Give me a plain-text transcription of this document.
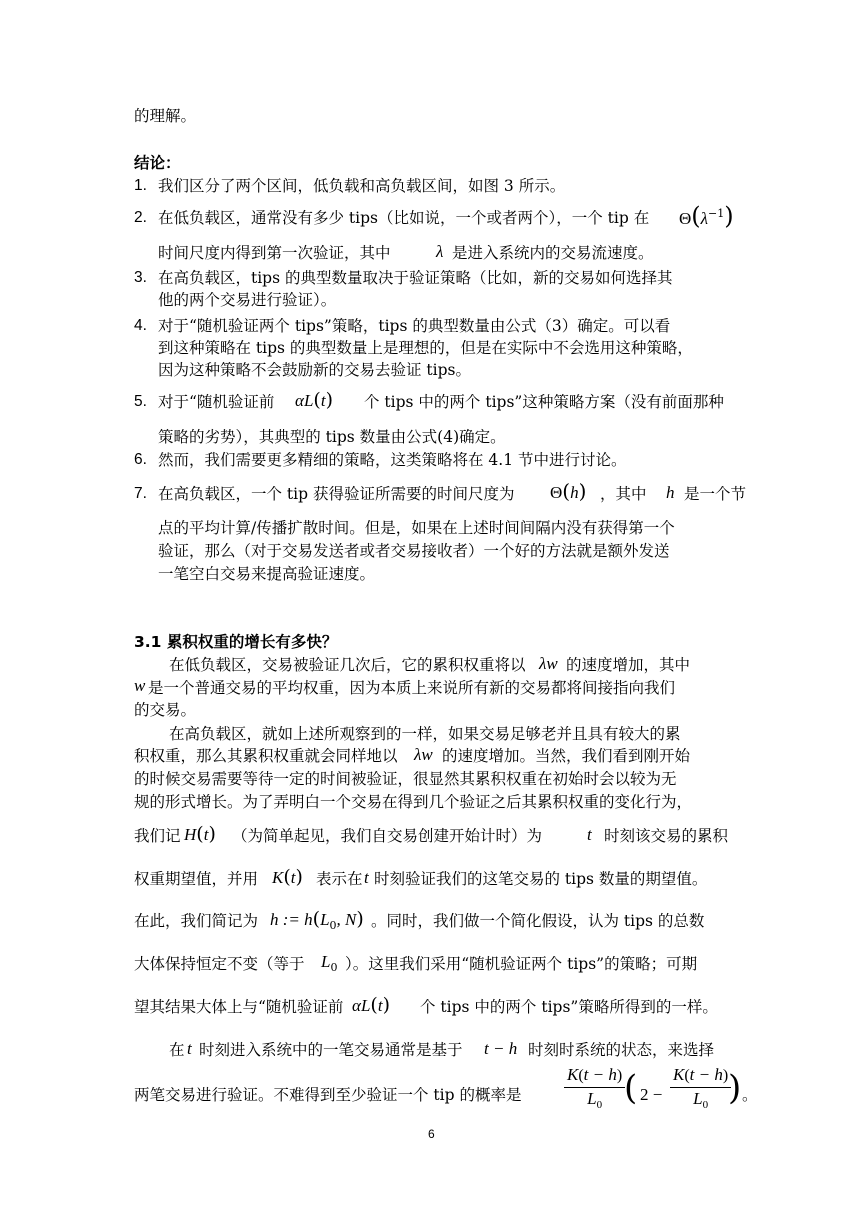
的理解。
结论：
1. 我们区分了两个区间，低负载和高负载区间，如图 3 所示。
2. 在低负载区，通常没有多少 tips（比如说，一个或者两个），一个 tip 在 $\Theta(\lambda^{-1})$
时间尺度内得到第一次验证，其中	λ 是进入系统内的交易流速度。
3. 在高负载区，tips 的典型数量取决于验证策略（比如，新的交易如何选择其
他的两个交易进行验证）。
4. 对于“随机验证两个 tips”策略，tips 的典型数量由公式（3）确定。可以看
到这种策略在 tips 的典型数量上是理想的，但是在实际中不会选用这种策略，
因为这种策略不会鼓励新的交易去验证 tips。
5. 对于“随机验证前 αL(t) 个 tips 中的两个 tips”这种策略方案（没有前面那种
策略的劣势），其典型的 tips 数量由公式(4)确定。
6. 然而，我们需要更多精细的策略，这类策略将在 4.1 节中进行讨论。
7. 在高负载区，一个 tip 获得验证所需要的时间尺度为 Θ(h) ，其中 h 是一个节
点的平均计算/传播扩散时间。但是，如果在上述时间间隔内没有获得第一个
验证，那么（对于交易发送者或者交易接收者）一个好的方法就是额外发送
一笔空白交易来提高验证速度。
3.1 累积权重的增长有多快？
在低负载区，交易被验证几次后，它的累积权重将以 λw 的速度增加，其中
w 是一个普通交易的平均权重，因为本质上来说所有新的交易都将间接指向我们
的交易。
在高负载区，就如上述所观察到的一样，如果交易足够老并且具有较大的累
积权重，那么其累积权重就会同样地以 λw 的速度增加。当然，我们看到刚开始
的时候交易需要等待一定的时间被验证，很显然其累积权重在初始时会以较为无
规的形式增长。为了弄明白一个交易在得到几个验证之后其累积权重的变化行为，
我们记 H(t) （为简单起见，我们自交易创建开始计时）为	t 时刻该交易的累积
权重期望值，并用 K(t) 表示在 t 时刻验证我们的这笔交易的 tips 数量的期望值。
在此，我们简记为 h := $h(L_0$, N) 。同时，我们做一个简化假设，认为 tips 的总数
大体保持恒定不变（等于 $L_0$ ）。这里我们采用“随机验证两个 tips”的策略；可期
望其结果大体上与“随机验证前 αL(t) 个 tips 中的两个 tips”策略所得到的一样。
在 t 时刻进入系统中的一笔交易通常是基于 t − h 时刻时系统的状态，来选择
两笔交易进行验证。不难得到至少验证一个 tip 的概率是	$\frac{K(t - h)}{L_0}$
( $2 - \frac{K(t - h)}{L_0}$
) 。
6
